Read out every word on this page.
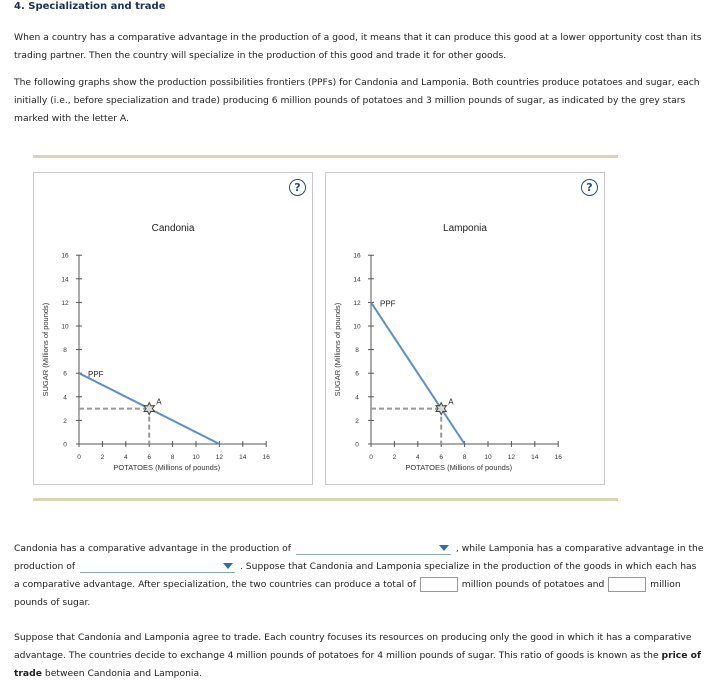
4. Specialization and trade
When a country has a comparative advantage in the production of a good, it means that it can produce this good at a lower opportunity cost than its trading partner. Then the country will specialize in the production of this good and trade it for other goods.
The following graphs show the production possibilities frontiers (PPFs) for Candonia and Lamponia. Both countries produce potatoes and sugar, each initially (i.e., before specialization and trade) producing 6 million pounds of potatoes and 3 million pounds of sugar, as indicated by the grey stars marked with the letter A.
?
Candonia
0
2
4
6
8
10
12
14
16
0	2	4	6	8	10 12 14 16
POTATOES (Millions of pounds)
SUGAR (Millions of pounds)	PPF
A
?
Lamponia
0
2
4
6
8
10
12
14
16
0	2	4	6	8	10 12 14 16
POTATOES (Millions of pounds)
SUGAR (Millions of pounds)	PPF
A
Candonia has a comparative advantage in the production of	, while Lamponia has a comparative advantage in the production of	. Suppose that Candonia and Lamponia specialize in the production of the goods in which each has a comparative advantage. After specialization, the two countries can produce a total of	million pounds of potatoes and	million pounds of sugar.
Suppose that Candonia and Lamponia agree to trade. Each country focuses its resources on producing only the good in which it has a comparative advantage. The countries decide to exchange 4 million pounds of potatoes for 4 million pounds of sugar. This ratio of goods is known as the price of trade between Candonia and Lamponia.
